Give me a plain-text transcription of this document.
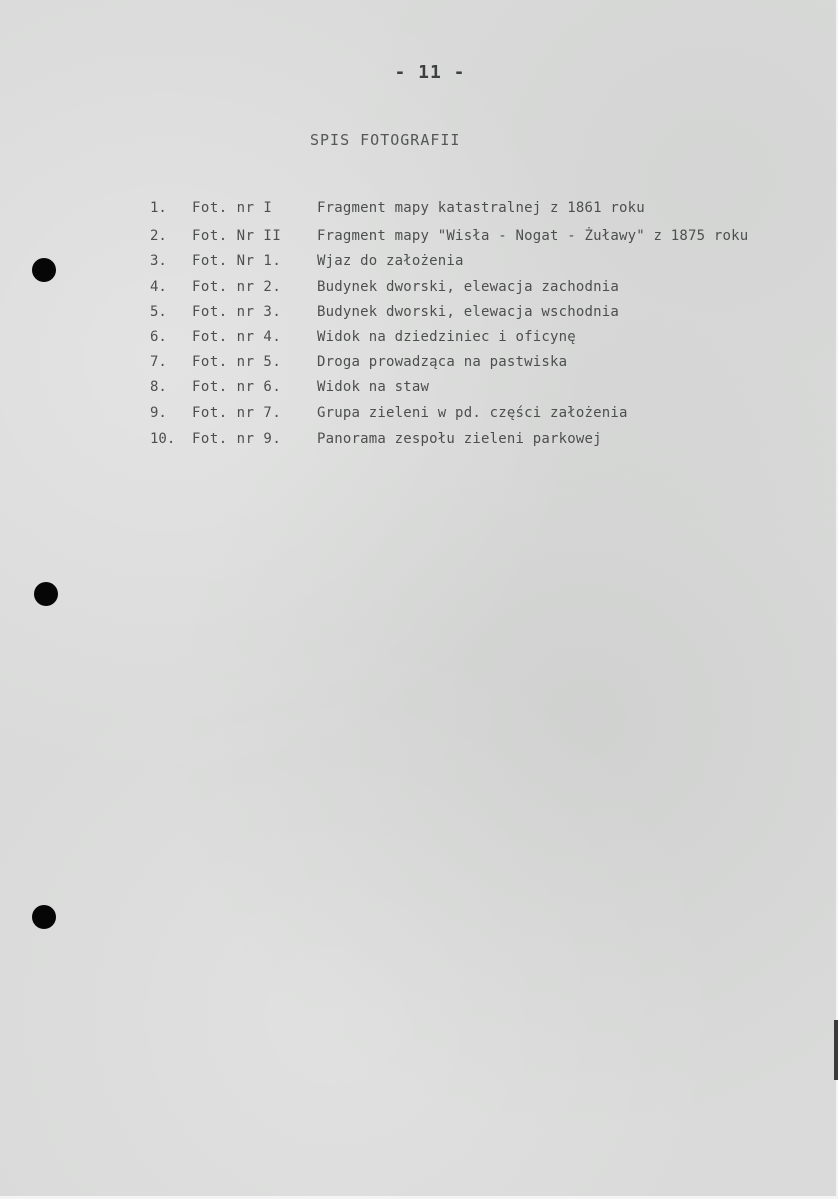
- 11 -
SPIS FOTOGRAFII
1. Fot. nr I	Fragment mapy katastralnej z 1861 roku
2. Fot. Nr II	Fragment mapy "Wisła - Nogat - Żuławy" z 1875 roku
3. Fot. Nr 1.	Wjaz do założenia
4. Fot. nr 2.	Budynek dworski, elewacja zachodnia
5. Fot. nr 3.	Budynek dworski, elewacja wschodnia
6. Fot. nr 4.	Widok na dziedziniec i oficynę
7. Fot. nr 5.	Droga prowadząca na pastwiska
8. Fot. nr 6.	Widok na staw
9. Fot. nr 7.	Grupa zieleni w pd. części założenia
10. Fot. nr 9.	Panorama zespołu zieleni parkowej
